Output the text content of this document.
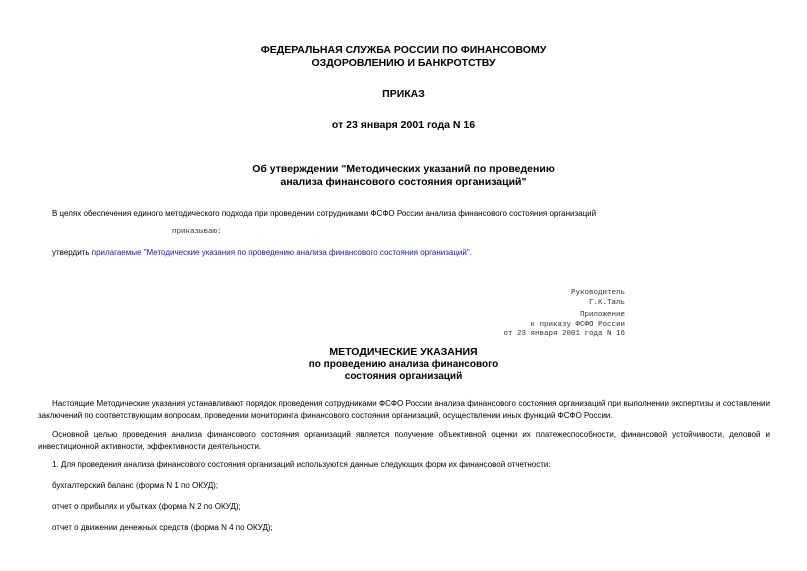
ФЕДЕРАЛЬНАЯ СЛУЖБА РОССИИ ПО ФИНАНСОВОМУ
ОЗДОРОВЛЕНИЮ И БАНКРОТСТВУ
ПРИКАЗ
от 23 января 2001 года N 16
Об утверждении "Методических указаний по проведению
анализа финансового состояния организаций"
В целях обеспечения единого методического подхода при проведении сотрудниками ФСФО России анализа финансового состояния организаций
приказываю:
утвердить прилагаемые "Методические указания по проведению анализа финансового состояния организаций".
Руководитель
Г.К.Таль
Приложение
к приказу ФСФО России
от 23 января 2001 года N 16
МЕТОДИЧЕСКИЕ УКАЗАНИЯ
по проведению анализа финансового
состояния организаций
Настоящие Методические указания устанавливают порядок проведения сотрудниками ФСФО России анализа финансового состояния организаций при выполнении экспертизы и составлении заключений по соответствующим вопросам, проведении мониторинга финансового состояния организаций, осуществлении иных функций ФСФО России.
Основной целью проведения анализа финансового состояния организаций является получение объективной оценки их платежеспособности, финансовой устойчивости, деловой и инвестиционной активности, эффективности деятельности.
1. Для проведения анализа финансового состояния организаций используются данные следующих форм их финансовой отчетности:
бухгалтерский баланс (форма N 1 по ОКУД);
отчет о прибылях и убытках (форма N 2 по ОКУД);
отчет о движении денежных средств (форма N 4 по ОКУД);
